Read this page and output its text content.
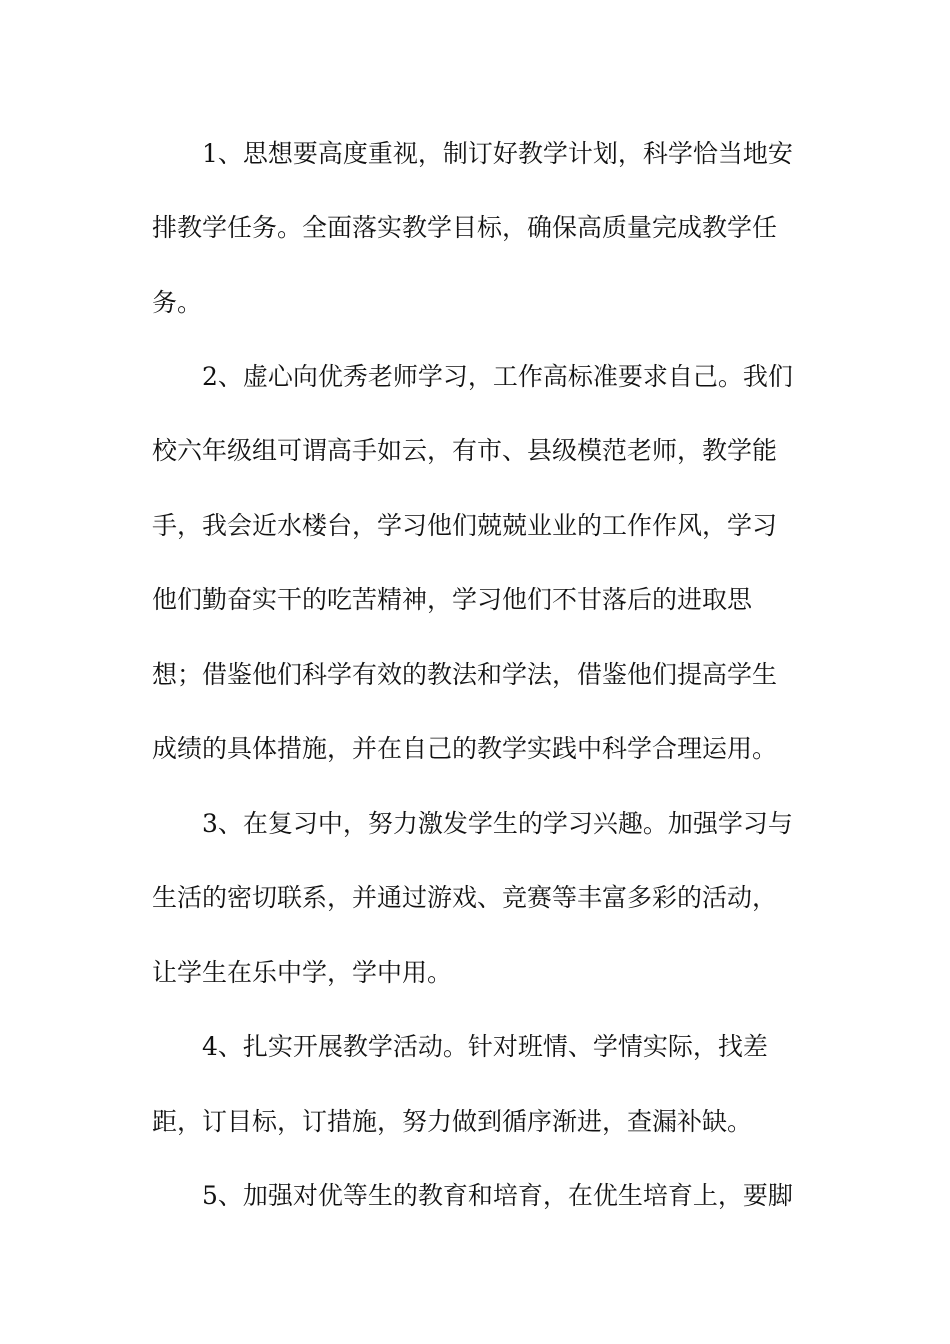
1、思想要高度重视，制订好教学计划，科学恰当地安
排教学任务。全面落实教学目标，确保高质量完成教学任
务。
2、虚心向优秀老师学习，工作高标准要求自己。我们
校六年级组可谓高手如云，有市、县级模范老师，教学能
手，我会近水楼台，学习他们兢兢业业的工作作风，学习
他们勤奋实干的吃苦精神，学习他们不甘落后的进取思
想；借鉴他们科学有效的教法和学法，借鉴他们提高学生
成绩的具体措施，并在自己的教学实践中科学合理运用。
3、在复习中，努力激发学生的学习兴趣。加强学习与
生活的密切联系，并通过游戏、竞赛等丰富多彩的活动，
让学生在乐中学，学中用。
4、扎实开展教学活动。针对班情、学情实际，找差
距，订目标，订措施，努力做到循序渐进，查漏补缺。
5、加强对优等生的教育和培育，在优生培育上，要脚
